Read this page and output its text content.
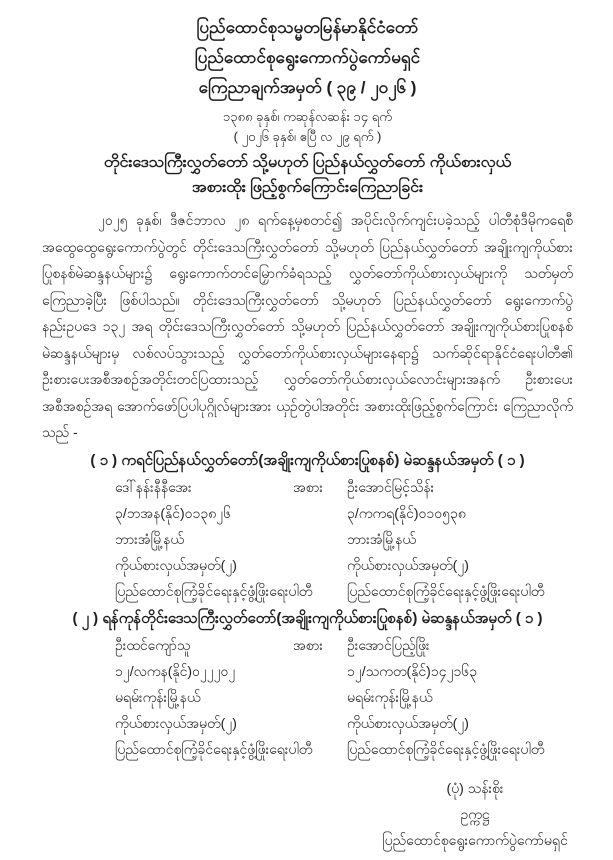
ပြည်ထောင်စုသမ္မတမြန်မာနိုင်ငံတော်
ပြည်ထောင်စုရွေးကောက်ပွဲကော်မရှင်
ကြေညာချက်အမှတ် ( ၃၉ / ၂၀၂၆ )
၁၃၈၈ ခုနှစ်၊ ကဆုန်လဆန်း ၁၄ ရက်
( ၂၀၂၆ ခုနှစ်၊ ဧပြီ လ ၂၉ ရက် )
တိုင်းဒေသကြီးလွှတ်တော် သို့မဟုတ် ပြည်နယ်လွှတ်တော် ကိုယ်စားလှယ်
အစားထိုး ဖြည့်စွက်ကြောင်းကြေညာခြင်း

၂၀၂၅ ခုနှစ်၊ ဒီဇင်ဘာလ ၂၈ ရက်နေ့မှစတင်၍ အပိုင်းလိုက်ကျင်းပခဲ့သည့် ပါတီစုံဒီမိုကရေစီအထွေထွေရွေးကောက်ပွဲတွင် တိုင်းဒေသကြီးလွှတ်တော် သို့မဟုတ် ပြည်နယ်လွှတ်တော် အချိုးကျကိုယ်စားပြုစနစ်မဲဆန္ဒနယ်များ၌ ရွေးကောက်တင်မြှောက်ခံရသည့် လွှတ်တော်ကိုယ်စားလှယ်များကို သတ်မှတ်ကြေညာခဲ့ပြီး ဖြစ်ပါသည်။ တိုင်းဒေသကြီးလွှတ်တော် သို့မဟုတ် ပြည်နယ်လွှတ်တော် ရွေးကောက်ပွဲနည်းဥပဒေ ၁၃၂ အရ တိုင်းဒေသကြီးလွှတ်တော် သို့မဟုတ် ပြည်နယ်လွှတ်တော် အချိုးကျကိုယ်စားပြုစနစ်မဲဆန္ဒနယ်များမှ လစ်လပ်သွားသည့် လွှတ်တော်ကိုယ်စားလှယ်များနေရာ၌ သက်ဆိုင်ရာနိုင်ငံရေးပါတီ၏ ဦးစားပေးအစီအစဉ်အတိုင်းတင်ပြထားသည့် လွှတ်တော်ကိုယ်စားလှယ်လောင်းများအနက် ဦးစားပေးအစီအစဉ်အရ အောက်ဖော်ပြပါပုဂ္ဂိုလ်များအား ယှဉ်တွဲပါအတိုင်း အစားထိုးဖြည့်စွက်ကြောင်း ကြေညာလိုက်သည် -

( ၁ ) ကရင်ပြည်နယ်လွှတ်တော်(အချိုးကျကိုယ်စားပြုစနစ်) မဲဆန္ဒနယ်အမှတ် ( ၁ )
ဒေါ်နန်းနီနီအေး	အစား
၃/ဘအန(နိုင်)၀၁၃၈၂၆
ဘားအံမြို့နယ်
ကိုယ်စားလှယ်အမှတ်(၂)
ပြည်ထောင်စုကြံ့ခိုင်ရေးနှင့်ဖွံ့ဖြိုးရေးပါတီ
ဦးအောင်မြင့်သိန်း
၃/ကကရ(နိုင်)၀၁၀၅၃၈
ဘားအံမြို့နယ်
ကိုယ်စားလှယ်အမှတ်(၂)
ပြည်ထောင်စုကြံ့ခိုင်ရေးနှင့်ဖွံ့ဖြိုးရေးပါတီ
( ၂ ) ရန်ကုန်တိုင်းဒေသကြီးလွှတ်တော်(အချိုးကျကိုယ်စားပြုစနစ်) မဲဆန္ဒနယ်အမှတ် ( ၁ )
ဦးထင်ကျော်သူ	အစား
၁၂/လကန(နိုင်)၀၂၂၂၀၂
မရမ်းကုန်းမြို့နယ်
ကိုယ်စားလှယ်အမှတ်(၂)
ပြည်ထောင်စုကြံ့ခိုင်ရေးနှင့်ဖွံ့ဖြိုးရေးပါတီ
ဦးအောင်ပြည့်ဖြိုး
၁၂/သကတ(နိုင်)၁၄၂၁၆၃
မရမ်းကုန်းမြို့နယ်
ကိုယ်စားလှယ်အမှတ်(၂)
ပြည်ထောင်စုကြံ့ခိုင်ရေးနှင့်ဖွံ့ဖြိုးရေးပါတီ
(ပုံ) သန်းစိုး
ဥက္ကဋ္ဌ
ပြည်ထောင်စုရွေးကောက်ပွဲကော်မရှင်
